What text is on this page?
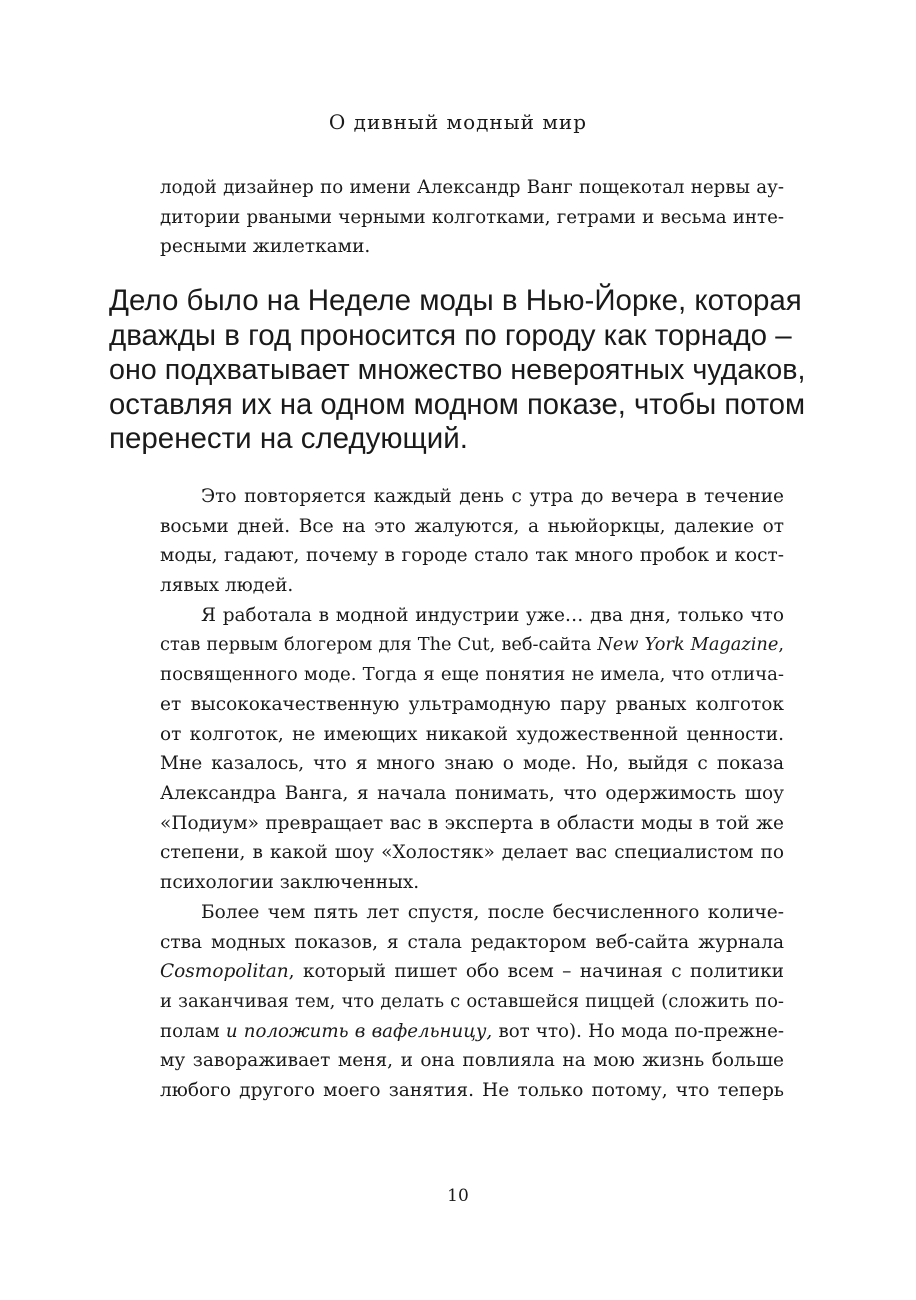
О дивный модный мир
лодой дизайнер по имени Александр Ванг пощекотал нервы ау-
дитории рваными черными колготками, гетрами и весьма инте-
ресными жилетками.
Дело было на Неделе моды в Нью-Йорке, которая
дважды в год проносится по городу как торнадо –
оно подхватывает множество невероятных чудаков,
оставляя их на одном модном показе, чтобы потом
перенести на следующий.
Это повторяется каждый день с утра до вечера в течение
восьми дней. Все на это жалуются, а ньюйоркцы, далекие от
моды, гадают, почему в городе стало так много пробок и кост-
лявых людей.
Я работала в модной индустрии уже… два дня, только что
став первым блогером для The Cut, веб-сайта New York Magazine,
посвященного моде. Тогда я еще понятия не имела, что отлича-
ет высококачественную ультрамодную пару рваных колготок
от колготок, не имеющих никакой художественной ценности.
Мне казалось, что я много знаю о моде. Но, выйдя с показа
Александра Ванга, я начала понимать, что одержимость шоу
«Подиум» превращает вас в эксперта в области моды в той же
степени, в какой шоу «Холостяк» делает вас специалистом по
психологии заключенных.
Более чем пять лет спустя, после бесчисленного количе-
ства модных показов, я стала редактором веб-сайта журнала
Cosmopolitan, который пишет обо всем – начиная с политики
и заканчивая тем, что делать с оставшейся пиццей (сложить по-
полам и положить в вафельницу, вот что). Но мода по-прежне-
му завораживает меня, и она повлияла на мою жизнь больше
любого другого моего занятия. Не только потому, что теперь
10
